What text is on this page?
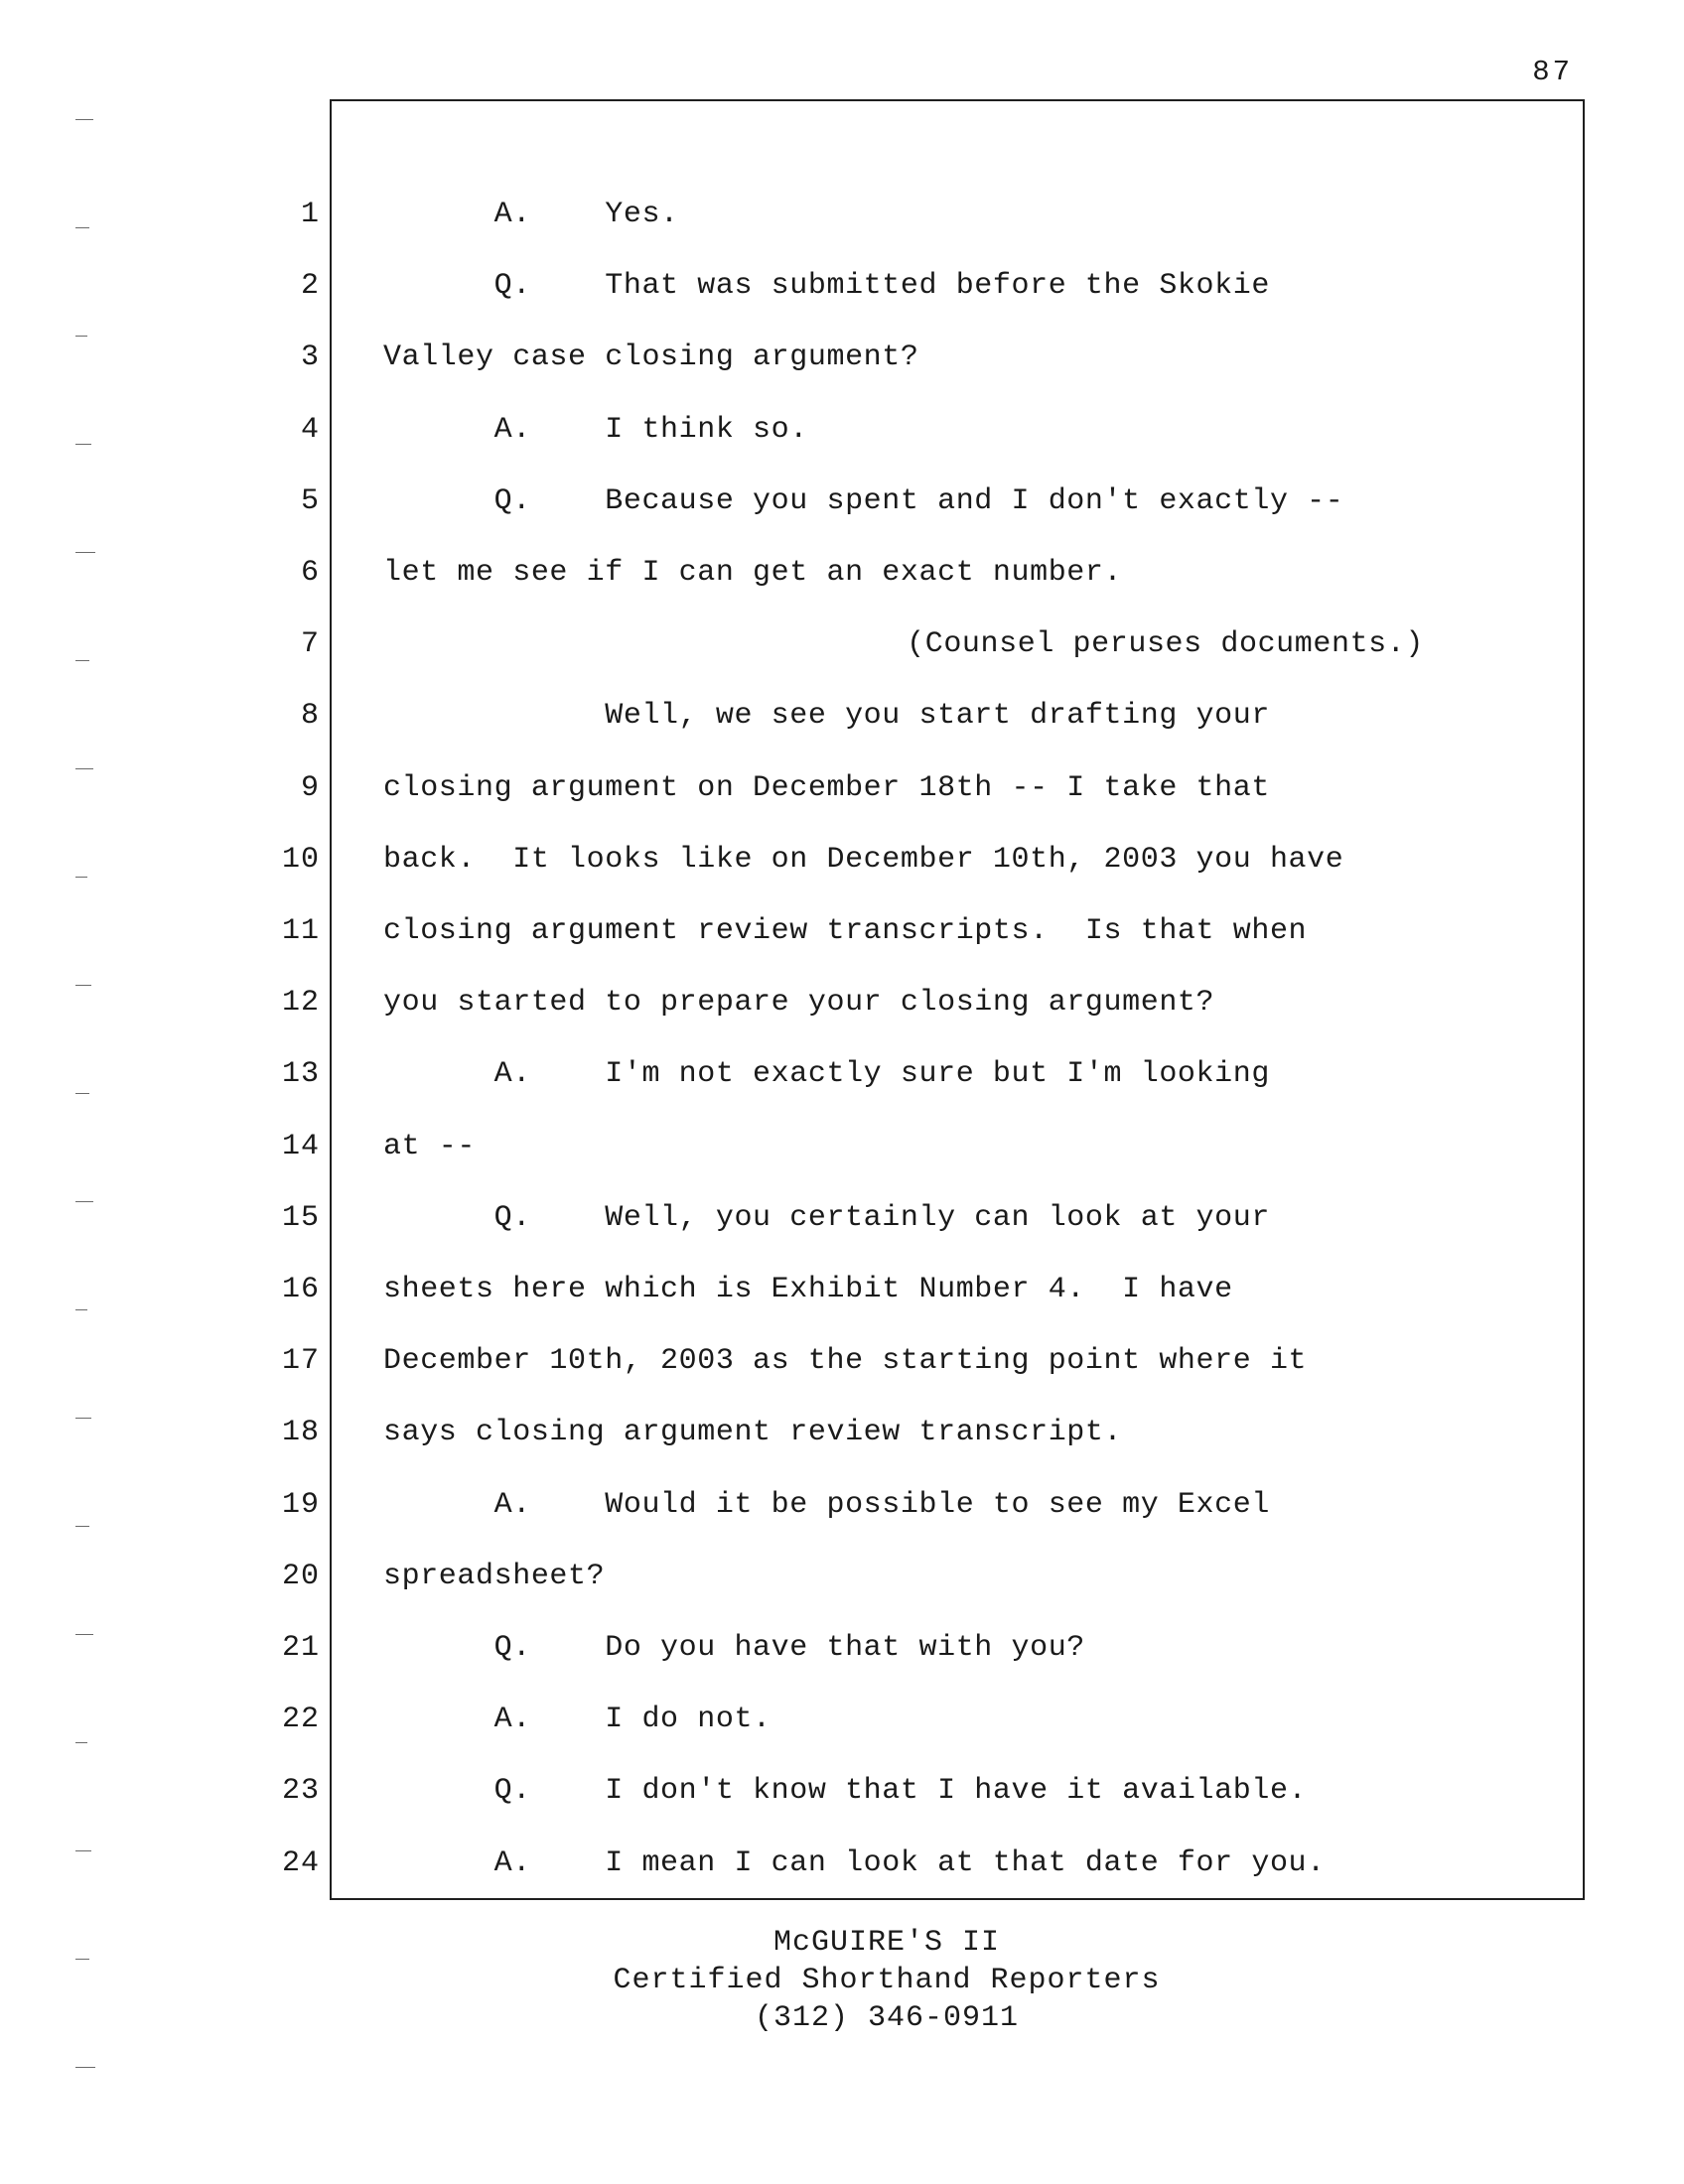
87
1 A.    Yes.
2 Q.    That was submitted before the Skokie
3 Valley case closing argument?
4 A.    I think so.
5 Q.    Because you spent and I don't exactly --
6 let me see if I can get an exact number.
7	(Counsel peruses documents.)
8 Well, we see you start drafting your
9 closing argument on December 18th -- I take that
10 back.  It looks like on December 10th, 2003 you have
11 closing argument review transcripts.  Is that when
12 you started to prepare your closing argument?
13 A.    I'm not exactly sure but I'm looking
14 at --
15 Q.    Well, you certainly can look at your
16 sheets here which is Exhibit Number 4.  I have
17 December 10th, 2003 as the starting point where it
18 says closing argument review transcript.
19 A.    Would it be possible to see my Excel
20 spreadsheet?
21 Q.    Do you have that with you?
22 A.    I do not.
23 Q.    I don't know that I have it available.
24 A.    I mean I can look at that date for you.
McGUIRE'S II
Certified Shorthand Reporters
(312) 346-0911
